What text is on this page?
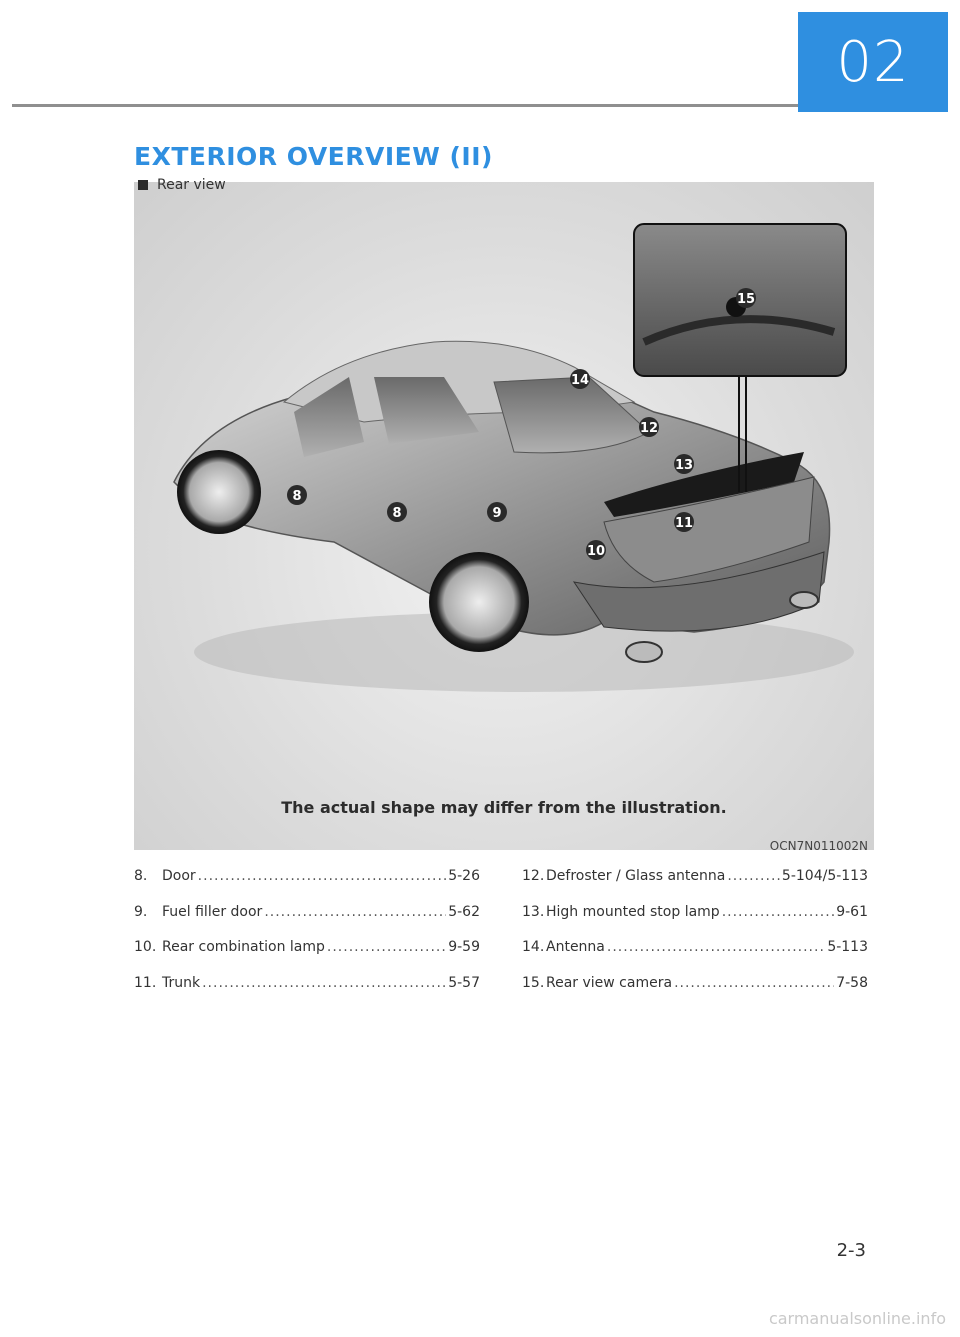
02
EXTERIOR OVERVIEW (II)
8
8	9
10
11
12
13
14
15
The actual shape may differ from the illustration.
Rear view
OCN7N011002N
8.	Door .....	5-26
9.	Fuel filler door .....	5-62
10. Rear combination lamp .....	9-59
11. Trunk .....	5-57
12. Defroster / Glass antenna .....	5-104/5-113
13. High mounted stop lamp .....	9-61
14. Antenna .....	5-113
15. Rear view camera .....	7-58
2-3
carmanualsonline.info
